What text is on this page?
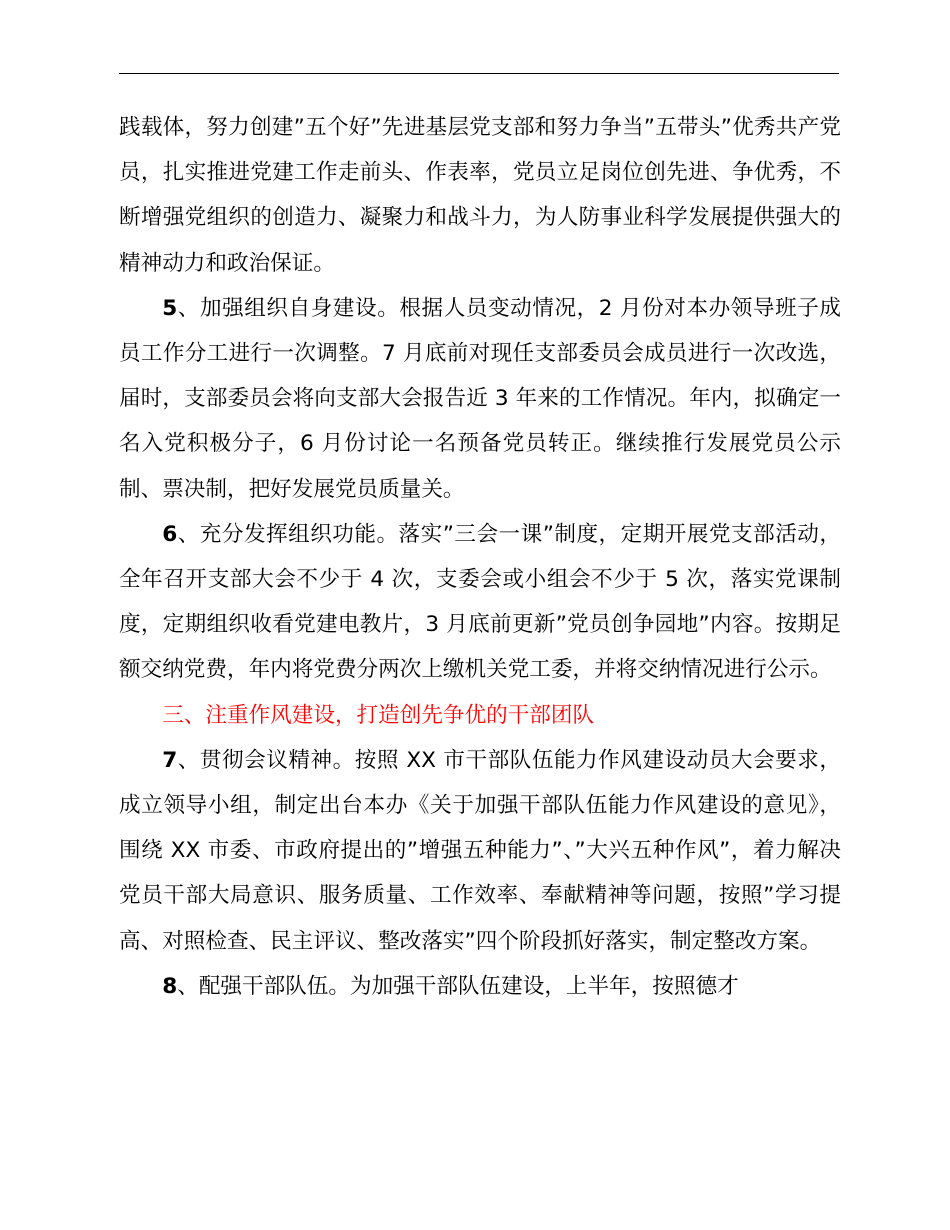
践载体，努力创建”五个好”先进基层党支部和努力争当”五带头”优秀共产党员，扎实推进党建工作走前头、作表率，党员立足岗位创先进、争优秀，不断增强党组织的创造力、凝聚力和战斗力，为人防事业科学发展提供强大的精神动力和政治保证。

5、加强组织自身建设。根据人员变动情况，2 月份对本办领导班子成员工作分工进行一次调整。7 月底前对现任支部委员会成员进行一次改选，届时，支部委员会将向支部大会报告近 3 年来的工作情况。年内，拟确定一名入党积极分子，6 月份讨论一名预备党员转正。继续推行发展党员公示制、票决制，把好发展党员质量关。

6、充分发挥组织功能。落实”三会一课”制度，定期开展党支部活动，全年召开支部大会不少于 4 次，支委会或小组会不少于 5 次，落实党课制度，定期组织收看党建电教片，3 月底前更新”党员创争园地”内容。按期足额交纳党费，年内将党费分两次上缴机关党工委，并将交纳情况进行公示。

三、注重作风建设，打造创先争优的干部团队

7、贯彻会议精神。按照 XX 市干部队伍能力作风建设动员大会要求，成立领导小组，制定出台本办《关于加强干部队伍能力作风建设的意见》，围绕 XX 市委、市政府提出的”增强五种能力”、”大兴五种作风”，着力解决党员干部大局意识、服务质量、工作效率、奉献精神等问题，按照”学习提高、对照检查、民主评议、整改落实”四个阶段抓好落实，制定整改方案。

8、配强干部队伍。为加强干部队伍建设，上半年，按照德才
